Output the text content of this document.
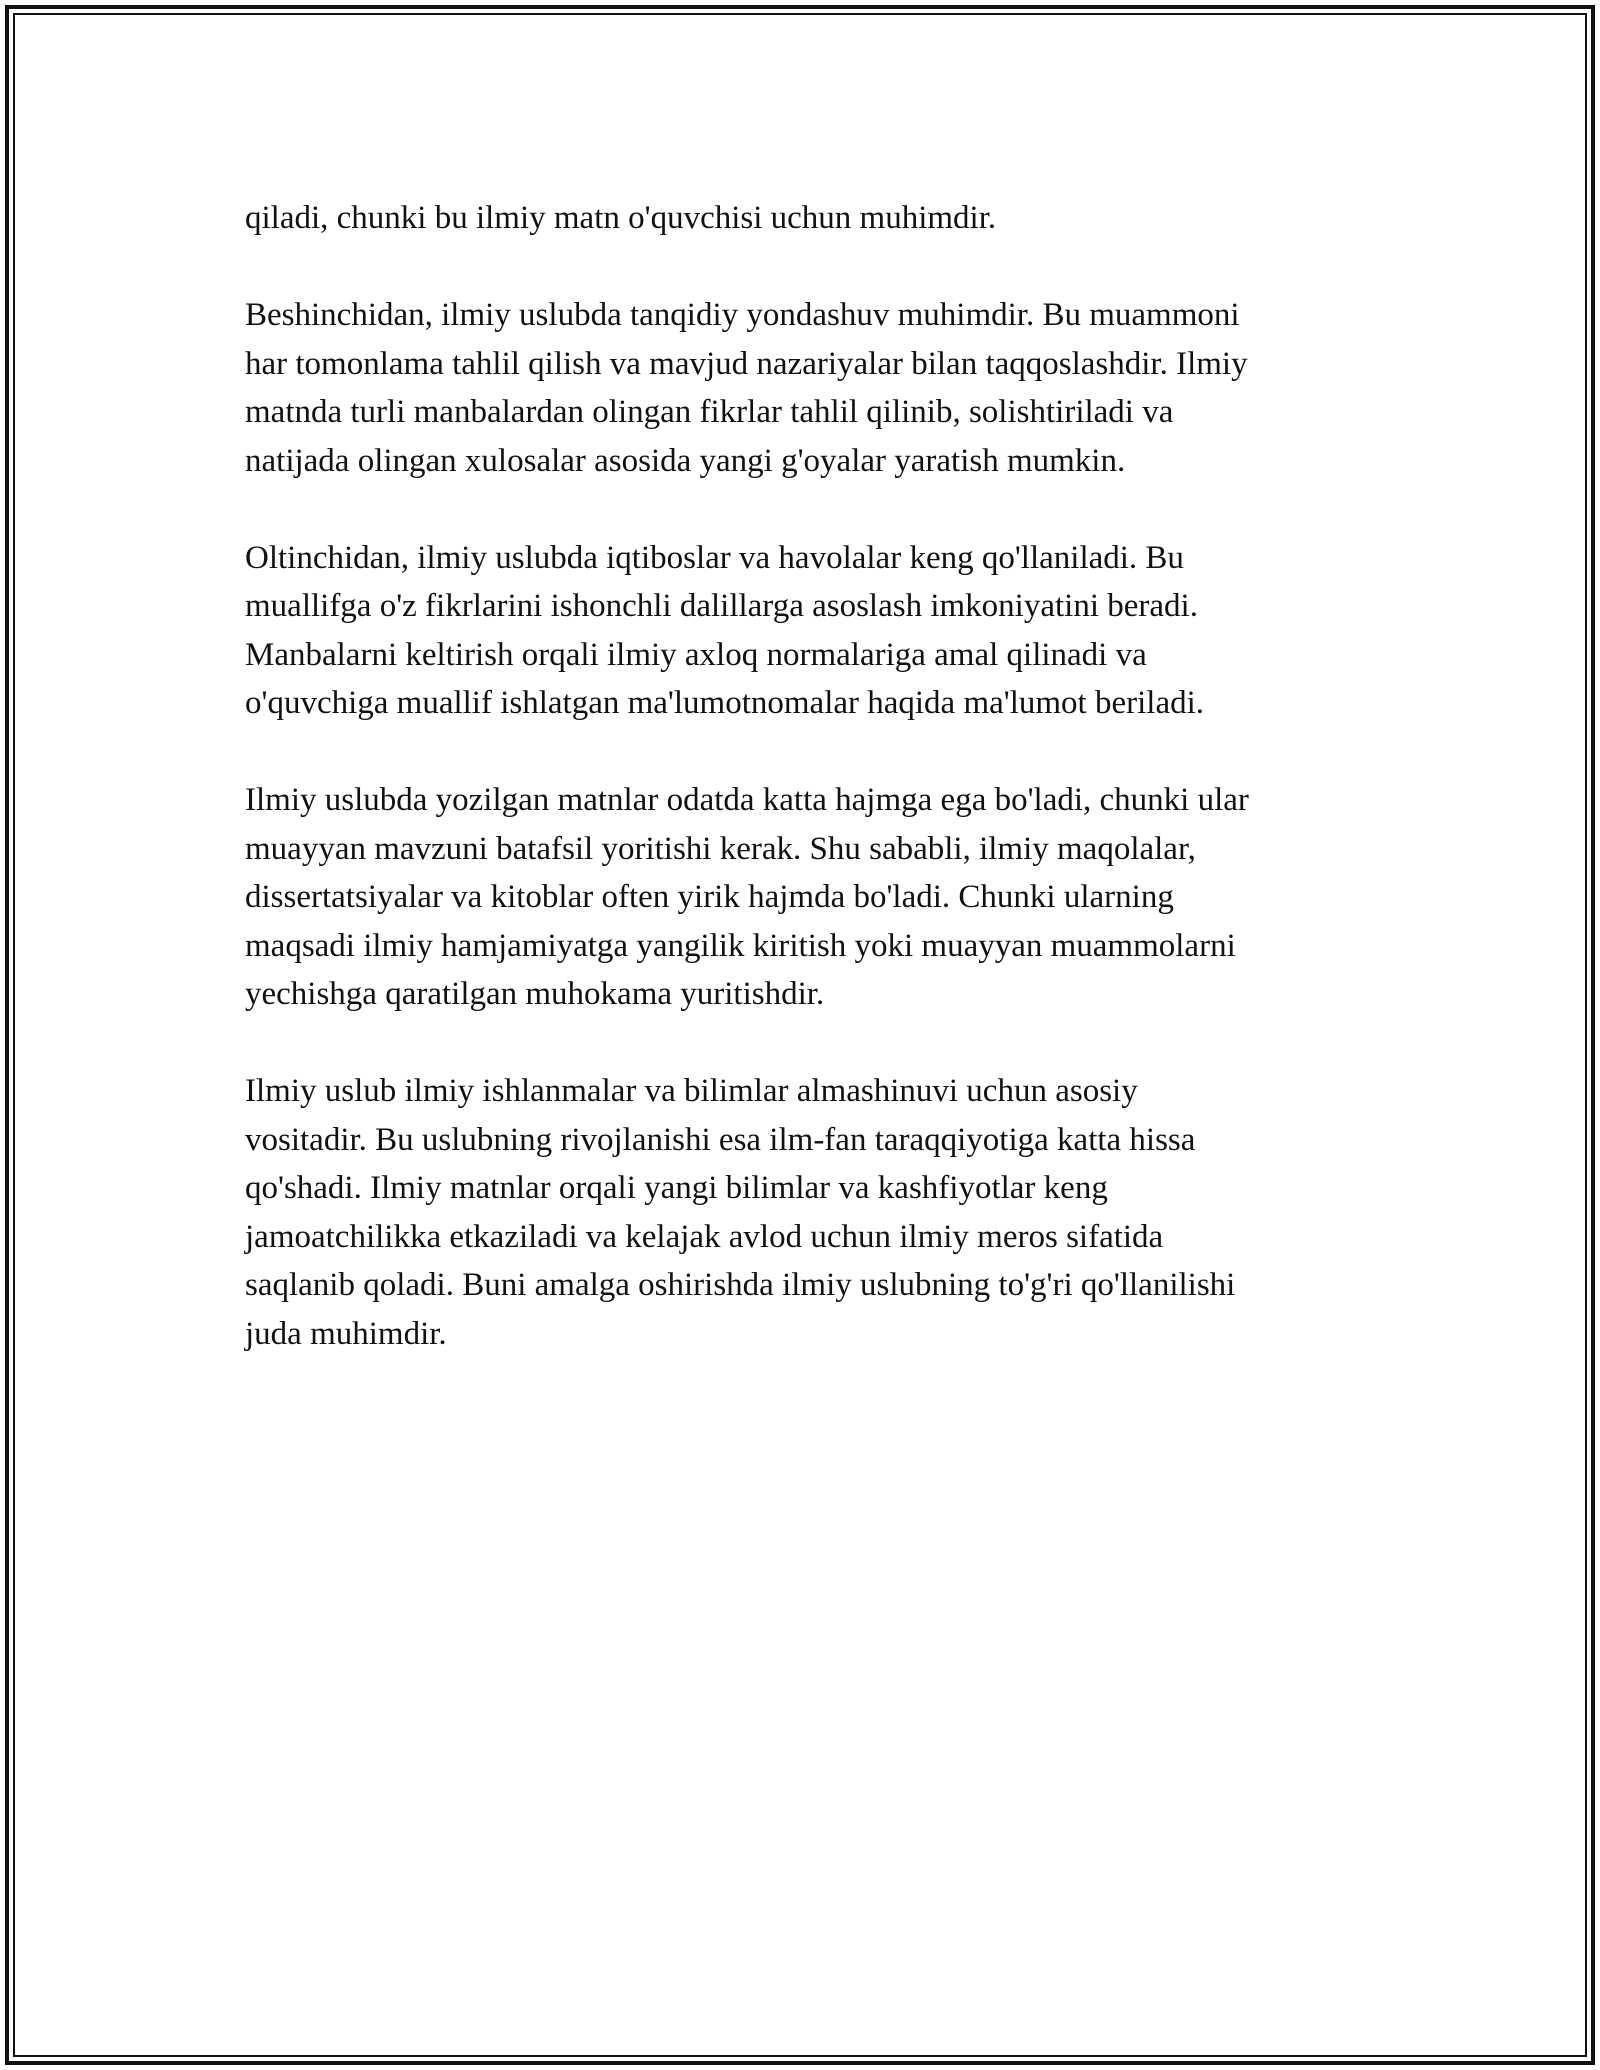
qiladi, chunki bu ilmiy matn o'quvchisi uchun muhimdir.

Beshinchidan, ilmiy uslubda tanqidiy yondashuv muhimdir. Bu muammoni
har tomonlama tahlil qilish va mavjud nazariyalar bilan taqqoslashdir. Ilmiy
matnda turli manbalardan olingan fikrlar tahlil qilinib, solishtiriladi va
natijada olingan xulosalar asosida yangi g'oyalar yaratish mumkin.

Oltinchidan, ilmiy uslubda iqtiboslar va havolalar keng qo'llaniladi. Bu
muallifga o'z fikrlarini ishonchli dalillarga asoslash imkoniyatini beradi.
Manbalarni keltirish orqali ilmiy axloq normalariga amal qilinadi va
o'quvchiga muallif ishlatgan ma'lumotnomalar haqida ma'lumot beriladi.

Ilmiy uslubda yozilgan matnlar odatda katta hajmga ega bo'ladi, chunki ular
muayyan mavzuni batafsil yoritishi kerak. Shu sababli, ilmiy maqolalar,
dissertatsiyalar va kitoblar often yirik hajmda bo'ladi. Chunki ularning
maqsadi ilmiy hamjamiyatga yangilik kiritish yoki muayyan muammolarni
yechishga qaratilgan muhokama yuritishdir.

Ilmiy uslub ilmiy ishlanmalar va bilimlar almashinuvi uchun asosiy
vositadir. Bu uslubning rivojlanishi esa ilm-fan taraqqiyotiga katta hissa
qo'shadi. Ilmiy matnlar orqali yangi bilimlar va kashfiyotlar keng
jamoatchilikka etkaziladi va kelajak avlod uchun ilmiy meros sifatida
saqlanib qoladi. Buni amalga oshirishda ilmiy uslubning to'g'ri qo'llanilishi
juda muhimdir.
